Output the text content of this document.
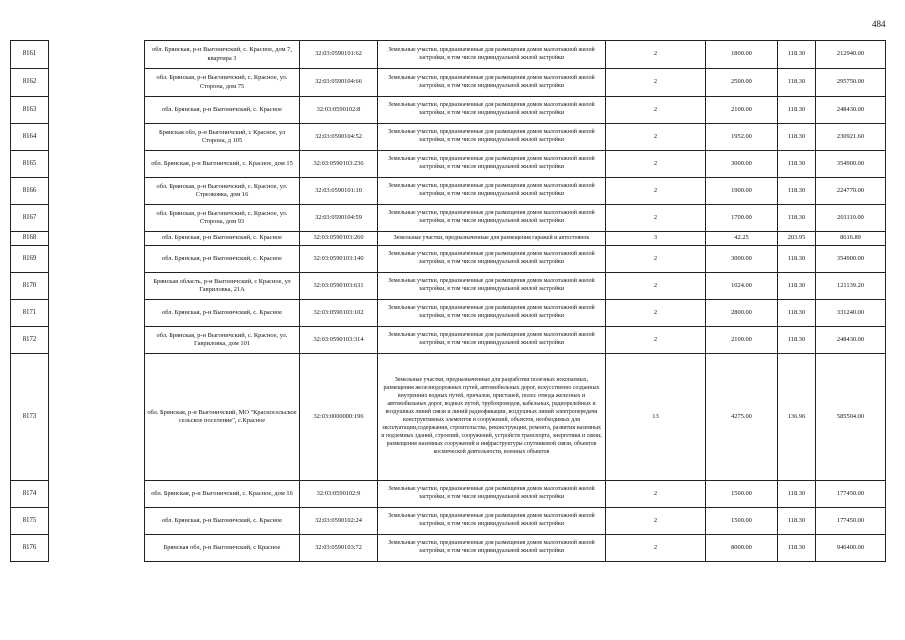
484
8161		обл. Брянская, р-н Выгоничский, с. Красное, дом 7, квартира 3	32:03:0590101:62	Земельные участки, предназначенные для размещения домов малоэтажной жилой застройки, в том числе индивидуальной жилой застройки	2	1800.00	118.30	212940.00
8162		обл. Брянская, р-н Выгоничский, с. Красное, ул. Сторона, дом 75	32:03:0590104:66	Земельные участки, предназначенные для размещения домов малоэтажной жилой застройки, в том числе индивидуальной жилой застройки	2	2500.00	118.30	295750.00
8163		обл. Брянская, р-н Выгоничский, с. Красное	32:03:0590102:8	Земельные участки, предназначенные для размещения домов малоэтажной жилой застройки, в том числе индивидуальной жилой застройки	2	2100.00	118.30	248430.00
8164		Брянская обл, р-н Выгоничский, с Красное, ул Сторона, д 105	32:03:0590104:52	Земельные участки, предназначенные для размещения домов малоэтажной жилой застройки, в том числе индивидуальной жилой застройки	2	1952.00	118.30	230921.60
8165		обл. Брянская, р-н Выгоничский, с. Красное, дом 15	32:03:0590103:236	Земельные участки, предназначенные для размещения домов малоэтажной жилой застройки, в том числе индивидуальной жилой застройки	2	3000.00	118.30	354900.00
8166		обл. Брянская, р-н Выгоничский, с. Красное, ул. Стрелковка, дом 16	32:03:0590101:10	Земельные участки, предназначенные для размещения домов малоэтажной жилой застройки, в том числе индивидуальной жилой застройки	2	1900.00	118.30	224770.00
8167		обл. Брянская, р-н Выгоничский, с. Красное, ул. Сторона, дом 93	32:03:0590104:59	Земельные участки, предназначенные для размещения домов малоэтажной жилой застройки, в том числе индивидуальной жилой застройки	2	1700.00	118.30	201110.00
8168		обл. Брянская, р-н Выгоничский, с. Красное	32:03:0590103:260	Земельные участки, предназначенные для размещения гаражей и автостоянок	3	42.25	203.95	8616.89
8169		обл. Брянская, р-н Выгоничский, с. Красное	32:03:0590103:140	Земельные участки, предназначенные для размещения домов малоэтажной жилой застройки, в том числе индивидуальной жилой застройки	2	3000.00	118.30	354900.00
8170		Брянская область, р-н Выгоничский, с Красное, ул Гавриловка, 21А	32:03:0590103:631	Земельные участки, предназначенные для размещения домов малоэтажной жилой застройки, в том числе индивидуальной жилой застройки	2	1024.00	118.30	121139.20
8171		обл. Брянская, р-н Выгоничский, с. Красное	32:03:0590103:102	Земельные участки, предназначенные для размещения домов малоэтажной жилой застройки, в том числе индивидуальной жилой застройки	2	2800.00	118.30	331240.00
8172		обл. Брянская, р-н Выгоничский, с. Красное, ул. Гавриловка, дом 101	32:03:0590103:314	Земельные участки, предназначенные для размещения домов малоэтажной жилой застройки, в том числе индивидуальной жилой застройки	2	2100.00	118.30	248430.00
8173		обл. Брянская, р-н Выгоничский, МО "Красносельское сельское поселение", с.Красное	32:03:0000000:196	Земельные участки, предназначенные для разработки полезных ископаемых, размещения железнодорожных путей, автомобильных дорог, искусственно созданных внутренних водных путей, причалов, пристаней, полос отвода железных и автомобильных дорог, водных путей, трубопроводов, кабельных, радиорелейных и воздушных линий связи и линий радиофикации, воздушных линий электропередачи конструктивных элементов и сооружений, объектов, необходимых для эксплуатации,содержания, строительства, реконструкции, ремонта, развития наземных и подземных зданий, строений, сооружений, устройств транспорта, энергетики и связи; размещения наземных сооружений и инфраструктуры спутниковой связи, объектов космической деятельности, военных объектов	13	4275.00	136.96	585504.00
8174		обл. Брянская, р-н Выгоничский, с. Красное, дом 16	32:03:0590102:9	Земельные участки, предназначенные для размещения домов малоэтажной жилой застройки, в том числе индивидуальной жилой застройки	2	1500.00	118.30	177450.00
8175		обл. Брянская, р-н Выгоничский, с. Красное	32:03:0590102:24	Земельные участки, предназначенные для размещения домов малоэтажной жилой застройки, в том числе индивидуальной жилой застройки	2	1500.00	118.30	177450.00
8176		Брянская обл, р-н Выгоничский, с Красное	32:03:0590103:72	Земельные участки, предназначенные для размещения домов малоэтажной жилой застройки, в том числе индивидуальной жилой застройки	2	8000.00	118.30	946400.00
